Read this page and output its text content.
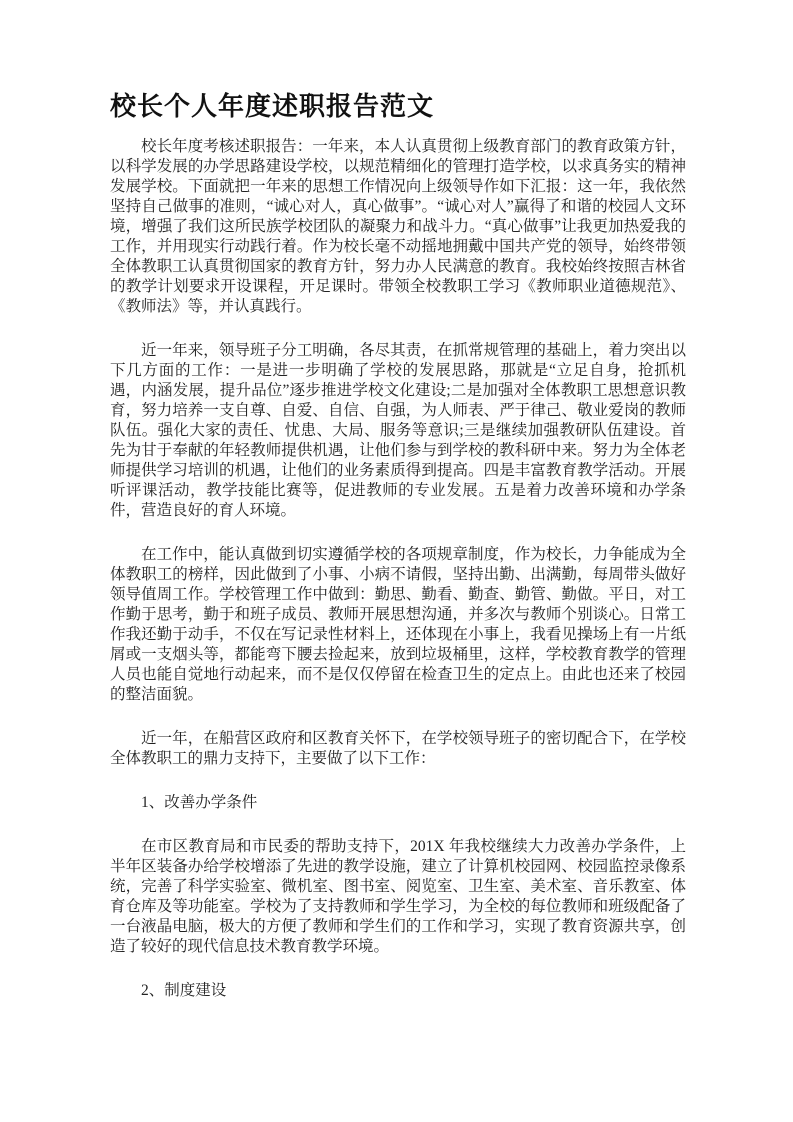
校长个人年度述职报告范文

校长年度考核述职报告：一年来，本人认真贯彻上级教育部门的教育政策方针，以科学发展的办学思路建设学校，以规范精细化的管理打造学校，以求真务实的精神发展学校。下面就把一年来的思想工作情况向上级领导作如下汇报：这一年，我依然坚持自己做事的准则，“诚心对人，真心做事”。“诚心对人”赢得了和谐的校园人文环境，增强了我们这所民族学校团队的凝聚力和战斗力。“真心做事”让我更加热爱我的工作，并用现实行动践行着。作为校长毫不动摇地拥戴中国共产党的领导，始终带领全体教职工认真贯彻国家的教育方针，努力办人民满意的教育。我校始终按照吉林省的教学计划要求开设课程，开足课时。带领全校教职工学习《教师职业道德规范》、《教师法》等，并认真践行。

近一年来，领导班子分工明确，各尽其责，在抓常规管理的基础上，着力突出以下几方面的工作：一是进一步明确了学校的发展思路，那就是“立足自身，抢抓机遇，内涵发展，提升品位”逐步推进学校文化建设;二是加强对全体教职工思想意识教育，努力培养一支自尊、自爱、自信、自强，为人师表、严于律己、敬业爱岗的教师队伍。强化大家的责任、忧患、大局、服务等意识;三是继续加强教研队伍建设。首先为甘于奉献的年轻教师提供机遇，让他们参与到学校的教科研中来。努力为全体老师提供学习培训的机遇，让他们的业务素质得到提高。四是丰富教育教学活动。开展听评课活动，教学技能比赛等，促进教师的专业发展。五是着力改善环境和办学条件，营造良好的育人环境。

在工作中，能认真做到切实遵循学校的各项规章制度，作为校长，力争能成为全体教职工的榜样，因此做到了小事、小病不请假，坚持出勤、出满勤，每周带头做好领导值周工作。学校管理工作中做到：勤思、勤看、勤查、勤管、勤做。平日，对工作勤于思考，勤于和班子成员、教师开展思想沟通，并多次与教师个别谈心。日常工作我还勤于动手，不仅在写记录性材料上，还体现在小事上，我看见操场上有一片纸屑或一支烟头等，都能弯下腰去捡起来，放到垃圾桶里，这样，学校教育教学的管理人员也能自觉地行动起来，而不是仅仅停留在检查卫生的定点上。由此也还来了校园的整洁面貌。

近一年，在船营区政府和区教育关怀下，在学校领导班子的密切配合下，在学校全体教职工的鼎力支持下，主要做了以下工作：

1、改善办学条件

在市区教育局和市民委的帮助支持下，201X 年我校继续大力改善办学条件，上半年区装备办给学校增添了先进的教学设施，建立了计算机校园网、校园监控录像系统，完善了科学实验室、微机室、图书室、阅览室、卫生室、美术室、音乐教室、体育仓库及等功能室。学校为了支持教师和学生学习，为全校的每位教师和班级配备了一台液晶电脑，极大的方便了教师和学生们的工作和学习，实现了教育资源共享，创造了较好的现代信息技术教育教学环境。

2、制度建设
